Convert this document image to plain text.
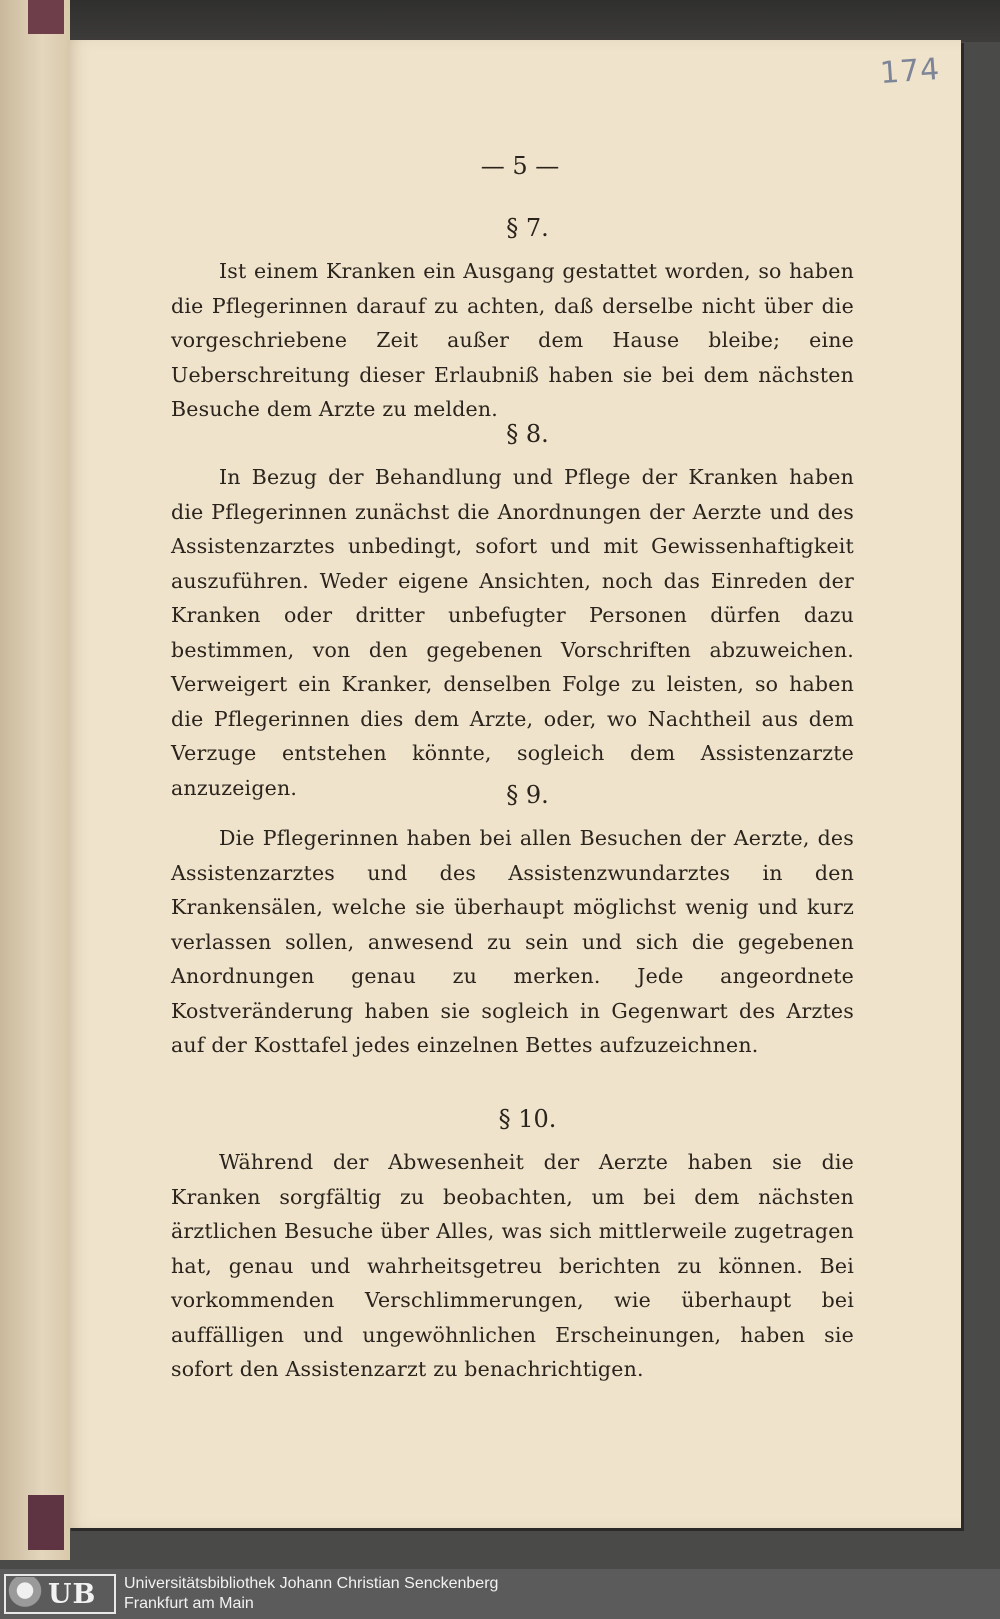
174
— 5 —
§ 7.
Ist einem Kranken ein Ausgang gestattet worden, so haben die Pflegerinnen darauf zu achten, daß derselbe nicht über die vorgeschriebene Zeit außer dem Hause bleibe; eine Ueberschreitung dieser Erlaubniß haben sie bei dem nächsten Besuche dem Arzte zu melden.
§ 8.
In Bezug der Behandlung und Pflege der Kranken haben die Pflegerinnen zunächst die Anordnungen der Aerzte und des Assistenzarztes unbedingt, sofort und mit Gewissenhaftigkeit auszuführen. Weder eigene Ansichten, noch das Einreden der Kranken oder dritter unbefugter Personen dürfen dazu bestimmen, von den gegebenen Vorschriften abzuweichen. Verweigert ein Kranker, denselben Folge zu leisten, so haben die Pflegerinnen dies dem Arzte, oder, wo Nachtheil aus dem Verzuge entstehen könnte, sogleich dem Assistenzarzte anzuzeigen.	§ 9.
Die Pflegerinnen haben bei allen Besuchen der Aerzte, des Assistenzarztes und des Assistenzwundarztes in den Krankensälen, welche sie überhaupt möglichst wenig und kurz verlassen sollen, anwesend zu sein und sich die gegebenen Anordnungen genau zu merken. Jede angeordnete Kostveränderung haben sie sogleich in Gegenwart des Arztes auf der Kosttafel jedes einzelnen Bettes aufzuzeichnen.
§ 10.
Während der Abwesenheit der Aerzte haben sie die Kranken sorgfältig zu beobachten, um bei dem nächsten ärztlichen Besuche über Alles, was sich mittlerweile zugetragen hat, genau und wahrheitsgetreu berichten zu können. Bei vorkommenden Verschlimmerungen, wie überhaupt bei auffälligen und ungewöhnlichen Erscheinungen, haben sie sofort den Assistenzarzt zu benachrichtigen.
UB Universitätsbibliothek Johann Christian Senckenberg
Frankfurt am Main
